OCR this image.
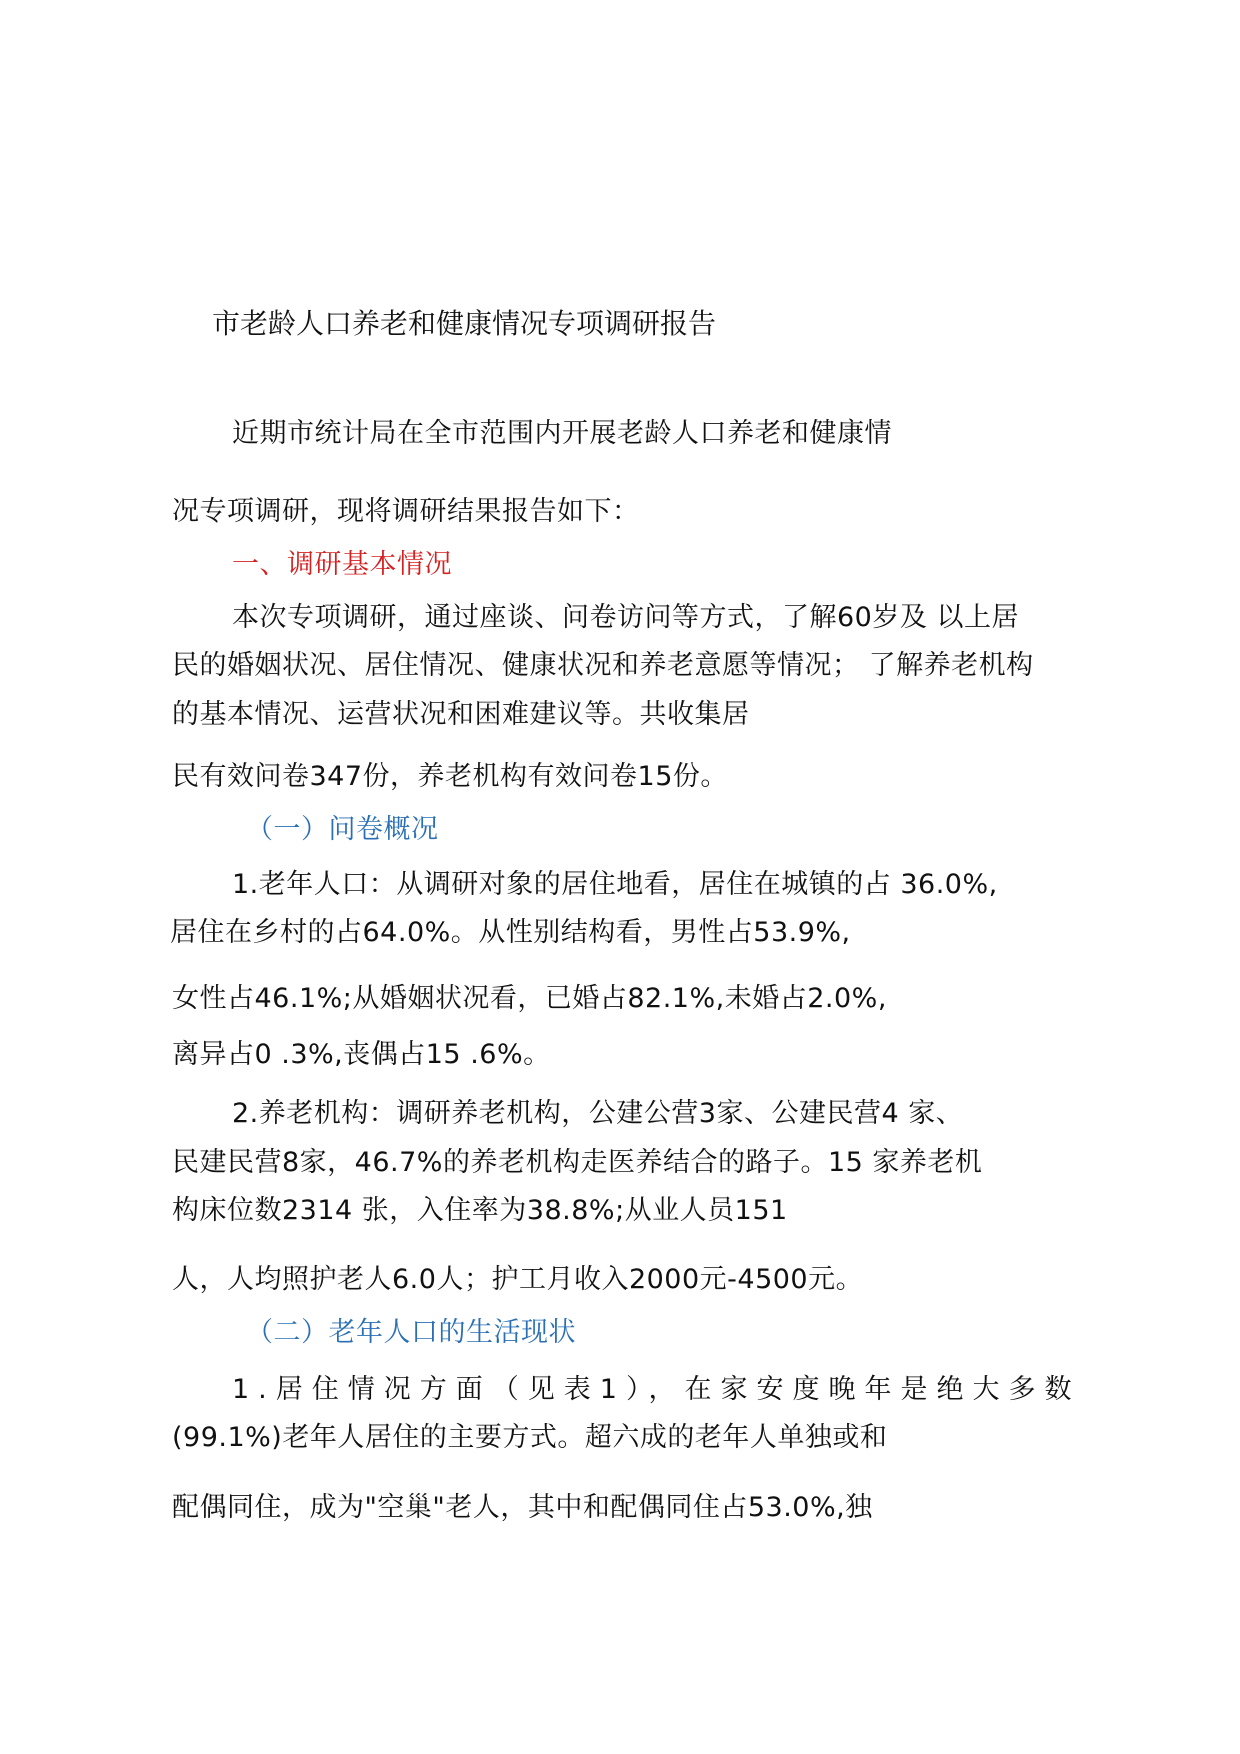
市老龄人口养老和健康情况专项调研报告
近期市统计局在全市范围内开展老龄人口养老和健康情
况专项调研，现将调研结果报告如下：
一、调研基本情况
本次专项调研，通过座谈、问卷访问等方式，了解60岁及 以上居
民的婚姻状况、居住情况、健康状况和养老意愿等情况； 了解养老机构
的基本情况、运营状况和困难建议等。共收集居
民有效问卷347份，养老机构有效问卷15份。
（一）问卷概况
1.老年人口：从调研对象的居住地看，居住在城镇的占 36.0%,
居住在乡村的占64.0%。从性别结构看，男性占53.9%,
女性占46.1%;从婚姻状况看，已婚占82.1%,未婚占2.0%,
离异占0 .3%,丧偶占15 .6%。
2.养老机构：调研养老机构，公建公营3家、公建民营4 家、
民建民营8家，46.7%的养老机构走医养结合的路子。15 家养老机
构床位数2314 张，入住率为38.8%;从业人员151
人，人均照护老人6.0人；护工月收入2000元-4500元。
（二）老年人口的生活现状
1.居住情况方面（见表1），在家安度晚年是绝大多数
(99.1%)老年人居住的主要方式。超六成的老年人单独或和
配偶同住，成为"空巢"老人，其中和配偶同住占53.0%,独
